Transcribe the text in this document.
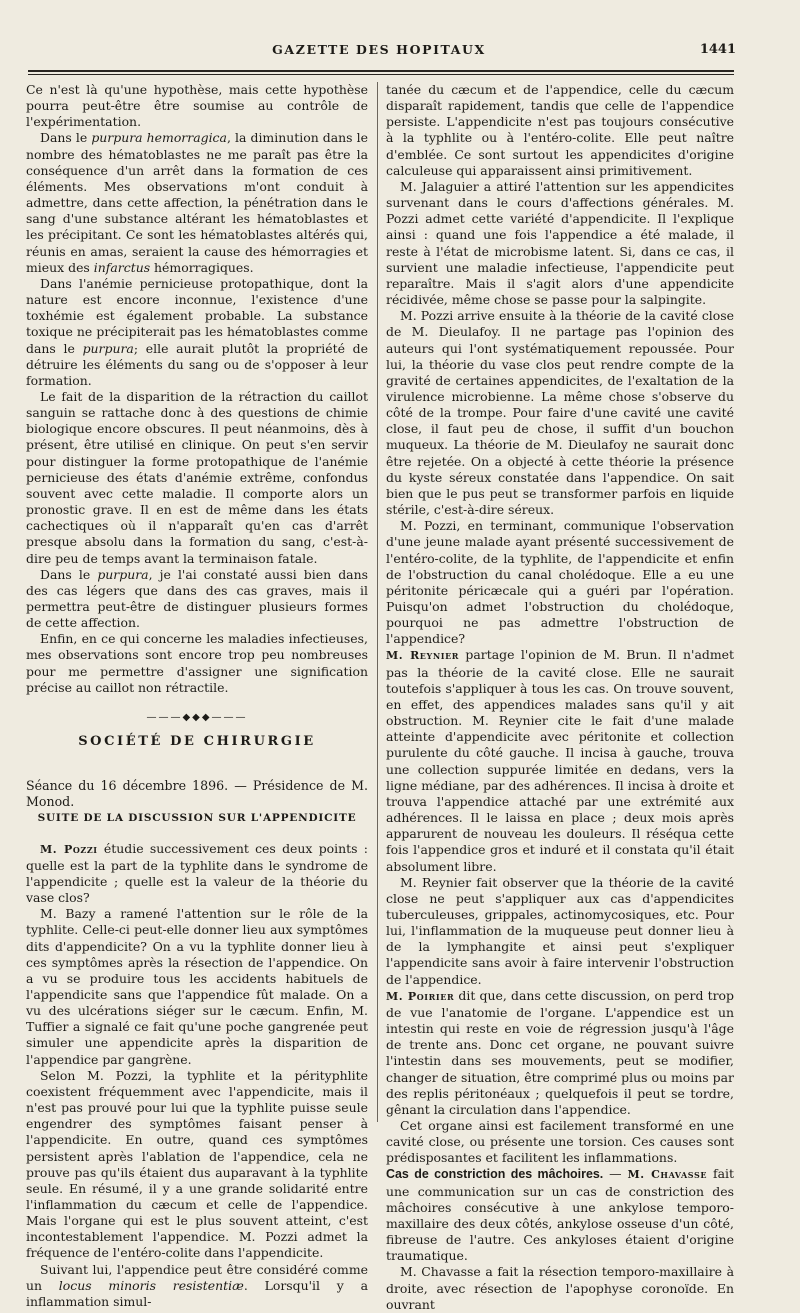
GAZETTE DES HOPITAUX	1441

Ce n'est là qu'une hypothèse, mais cette hypothèse pourra peut-être être soumise au contrôle de l'expérimentation.

Dans le purpura hemorragica, la diminution dans le nombre des hématoblastes ne me paraît pas être la conséquence d'un arrêt dans la formation de ces éléments. Mes observations m'ont conduit à admettre, dans cette affection, la pénétration dans le sang d'une substance altérant les hématoblastes et les précipitant. Ce sont les hématoblastes altérés qui, réunis en amas, seraient la cause des hémorragies et mieux des infarctus hémorragiques.

Dans l'anémie pernicieuse protopathique, dont la nature est encore inconnue, l'existence d'une toxhémie est également probable. La substance toxique ne précipiterait pas les hématoblastes comme dans le purpura; elle aurait plutôt la propriété de détruire les éléments du sang ou de s'opposer à leur formation.

Le fait de la disparition de la rétraction du caillot sanguin se rattache donc à des questions de chimie biologique encore obscures. Il peut néanmoins, dès à présent, être utilisé en clinique. On peut s'en servir pour distinguer la forme protopathique de l'anémie pernicieuse des états d'anémie extrême, confondus souvent avec cette maladie. Il comporte alors un pronostic grave. Il en est de même dans les états cachectiques où il n'apparaît qu'en cas d'arrêt presque absolu dans la formation du sang, c'est-à-dire peu de temps avant la terminaison fatale.

Dans le purpura, je l'ai constaté aussi bien dans des cas légers que dans des cas graves, mais il permettra peut-être de distinguer plusieurs formes de cette affection.

Enfin, en ce qui concerne les maladies infectieuses, mes observations sont encore trop peu nombreuses pour me permettre d'assigner une signification précise au caillot non rétractile.

———◆◆◆———
SOCIÉTÉ DE CHIRURGIE

Séance du 16 décembre 1896. — Présidence de M. Monod.

SUITE DE LA DISCUSSION SUR L'APPENDICITE

M. Pozzi étudie successivement ces deux points : quelle est la part de la typhlite dans le syndrome de l'appendicite ; quelle est la valeur de la théorie du vase clos?

M. Bazy a ramené l'attention sur le rôle de la typhlite. Celle-ci peut-elle donner lieu aux symptômes dits d'appendicite? On a vu la typhlite donner lieu à ces symptômes après la résection de l'appendice. On a vu se produire tous les accidents habituels de l'appendicite sans que l'appendice fût malade. On a vu des ulcérations siéger sur le cæcum. Enfin, M. Tuffier a signalé ce fait qu'une poche gangrenée peut simuler une appendicite après la disparition de l'appendice par gangrène.

Selon M. Pozzi, la typhlite et la pérityphlite coexistent fréquemment avec l'appendicite, mais il n'est pas prouvé pour lui que la typhlite puisse seule engendrer des symptômes faisant penser à l'appendicite. En outre, quand ces symptômes persistent après l'ablation de l'appendice, cela ne prouve pas qu'ils étaient dus auparavant à la typhlite seule. En résumé, il y a une grande solidarité entre l'inflammation du cæcum et celle de l'appendice. Mais l'organe qui est le plus souvent atteint, c'est incontestablement l'appendice. M. Pozzi admet la fréquence de l'entéro-colite dans l'appendicite.

Suivant lui, l'appendice peut être considéré comme un locus minoris resistentiæ. Lorsqu'il y a inflammation simul-

tanée du cæcum et de l'appendice, celle du cæcum disparaît rapidement, tandis que celle de l'appendice persiste. L'appendicite n'est pas toujours consécutive à la typhlite ou à l'entéro-colite. Elle peut naître d'emblée. Ce sont surtout les appendicites d'origine calculeuse qui apparaissent ainsi primitivement.

M. Jalaguier a attiré l'attention sur les appendicites survenant dans le cours d'affections générales. M. Pozzi admet cette variété d'appendicite. Il l'explique ainsi : quand une fois l'appendice a été malade, il reste à l'état de microbisme latent. Si, dans ce cas, il survient une maladie infectieuse, l'appendicite peut reparaître. Mais il s'agit alors d'une appendicite récidivée, même chose se passe pour la salpingite.

M. Pozzi arrive ensuite à la théorie de la cavité close de M. Dieulafoy. Il ne partage pas l'opinion des auteurs qui l'ont systématiquement repoussée. Pour lui, la théorie du vase clos peut rendre compte de la gravité de certaines appendicites, de l'exaltation de la virulence microbienne. La même chose s'observe du côté de la trompe. Pour faire d'une cavité une cavité close, il faut peu de chose, il suffit d'un bouchon muqueux. La théorie de M. Dieulafoy ne saurait donc être rejetée. On a objecté à cette théorie la présence du kyste séreux constatée dans l'appendice. On sait bien que le pus peut se transformer parfois en liquide stérile, c'est-à-dire séreux.

M. Pozzi, en terminant, communique l'observation d'une jeune malade ayant présenté successivement de l'entéro-colite, de la typhlite, de l'appendicite et enfin de l'obstruction du canal cholédoque. Elle a eu une péritonite péricæcale qui a guéri par l'opération. Puisqu'on admet l'obstruction du cholédoque, pourquoi ne pas admettre l'obstruction de l'appendice?

M. Reynier partage l'opinion de M. Brun. Il n'admet pas la théorie de la cavité close. Elle ne saurait toutefois s'appliquer à tous les cas. On trouve souvent, en effet, des appendices malades sans qu'il y ait obstruction. M. Reynier cite le fait d'une malade atteinte d'appendicite avec péritonite et collection purulente du côté gauche. Il incisa à gauche, trouva une collection suppurée limitée en dedans, vers la ligne médiane, par des adhérences. Il incisa à droite et trouva l'appendice attaché par une extrémité aux adhérences. Il le laissa en place ; deux mois après apparurent de nouveau les douleurs. Il réséqua cette fois l'appendice gros et induré et il constata qu'il était absolument libre.

M. Reynier fait observer que la théorie de la cavité close ne peut s'appliquer aux cas d'appendicites tuberculeuses, grippales, actinomycosiques, etc. Pour lui, l'inflammation de la muqueuse peut donner lieu à de la lymphangite et ainsi peut s'expliquer l'appendicite sans avoir à faire intervenir l'obstruction de l'appendice.

M. Poirier dit que, dans cette discussion, on perd trop de vue l'anatomie de l'organe. L'appendice est un intestin qui reste en voie de régression jusqu'à l'âge de trente ans. Donc cet organe, ne pouvant suivre l'intestin dans ses mouvements, peut se modifier, changer de situation, être comprimé plus ou moins par des replis péritonéaux ; quelquefois il peut se tordre, gênant la circulation dans l'appendice.

Cet organe ainsi est facilement transformé en une cavité close, ou présente une torsion. Ces causes sont prédisposantes et facilitent les inflammations.

Cas de constriction des mâchoires. — M. Chavasse fait une communication sur un cas de constriction des mâchoires consécutive à une ankylose temporo-maxillaire des deux côtés, ankylose osseuse d'un côté, fibreuse de l'autre. Ces ankyloses étaient d'origine traumatique.

M. Chavasse a fait la résection temporo-maxillaire à droite, avec résection de l'apophyse coronoïde. En ouvrant
